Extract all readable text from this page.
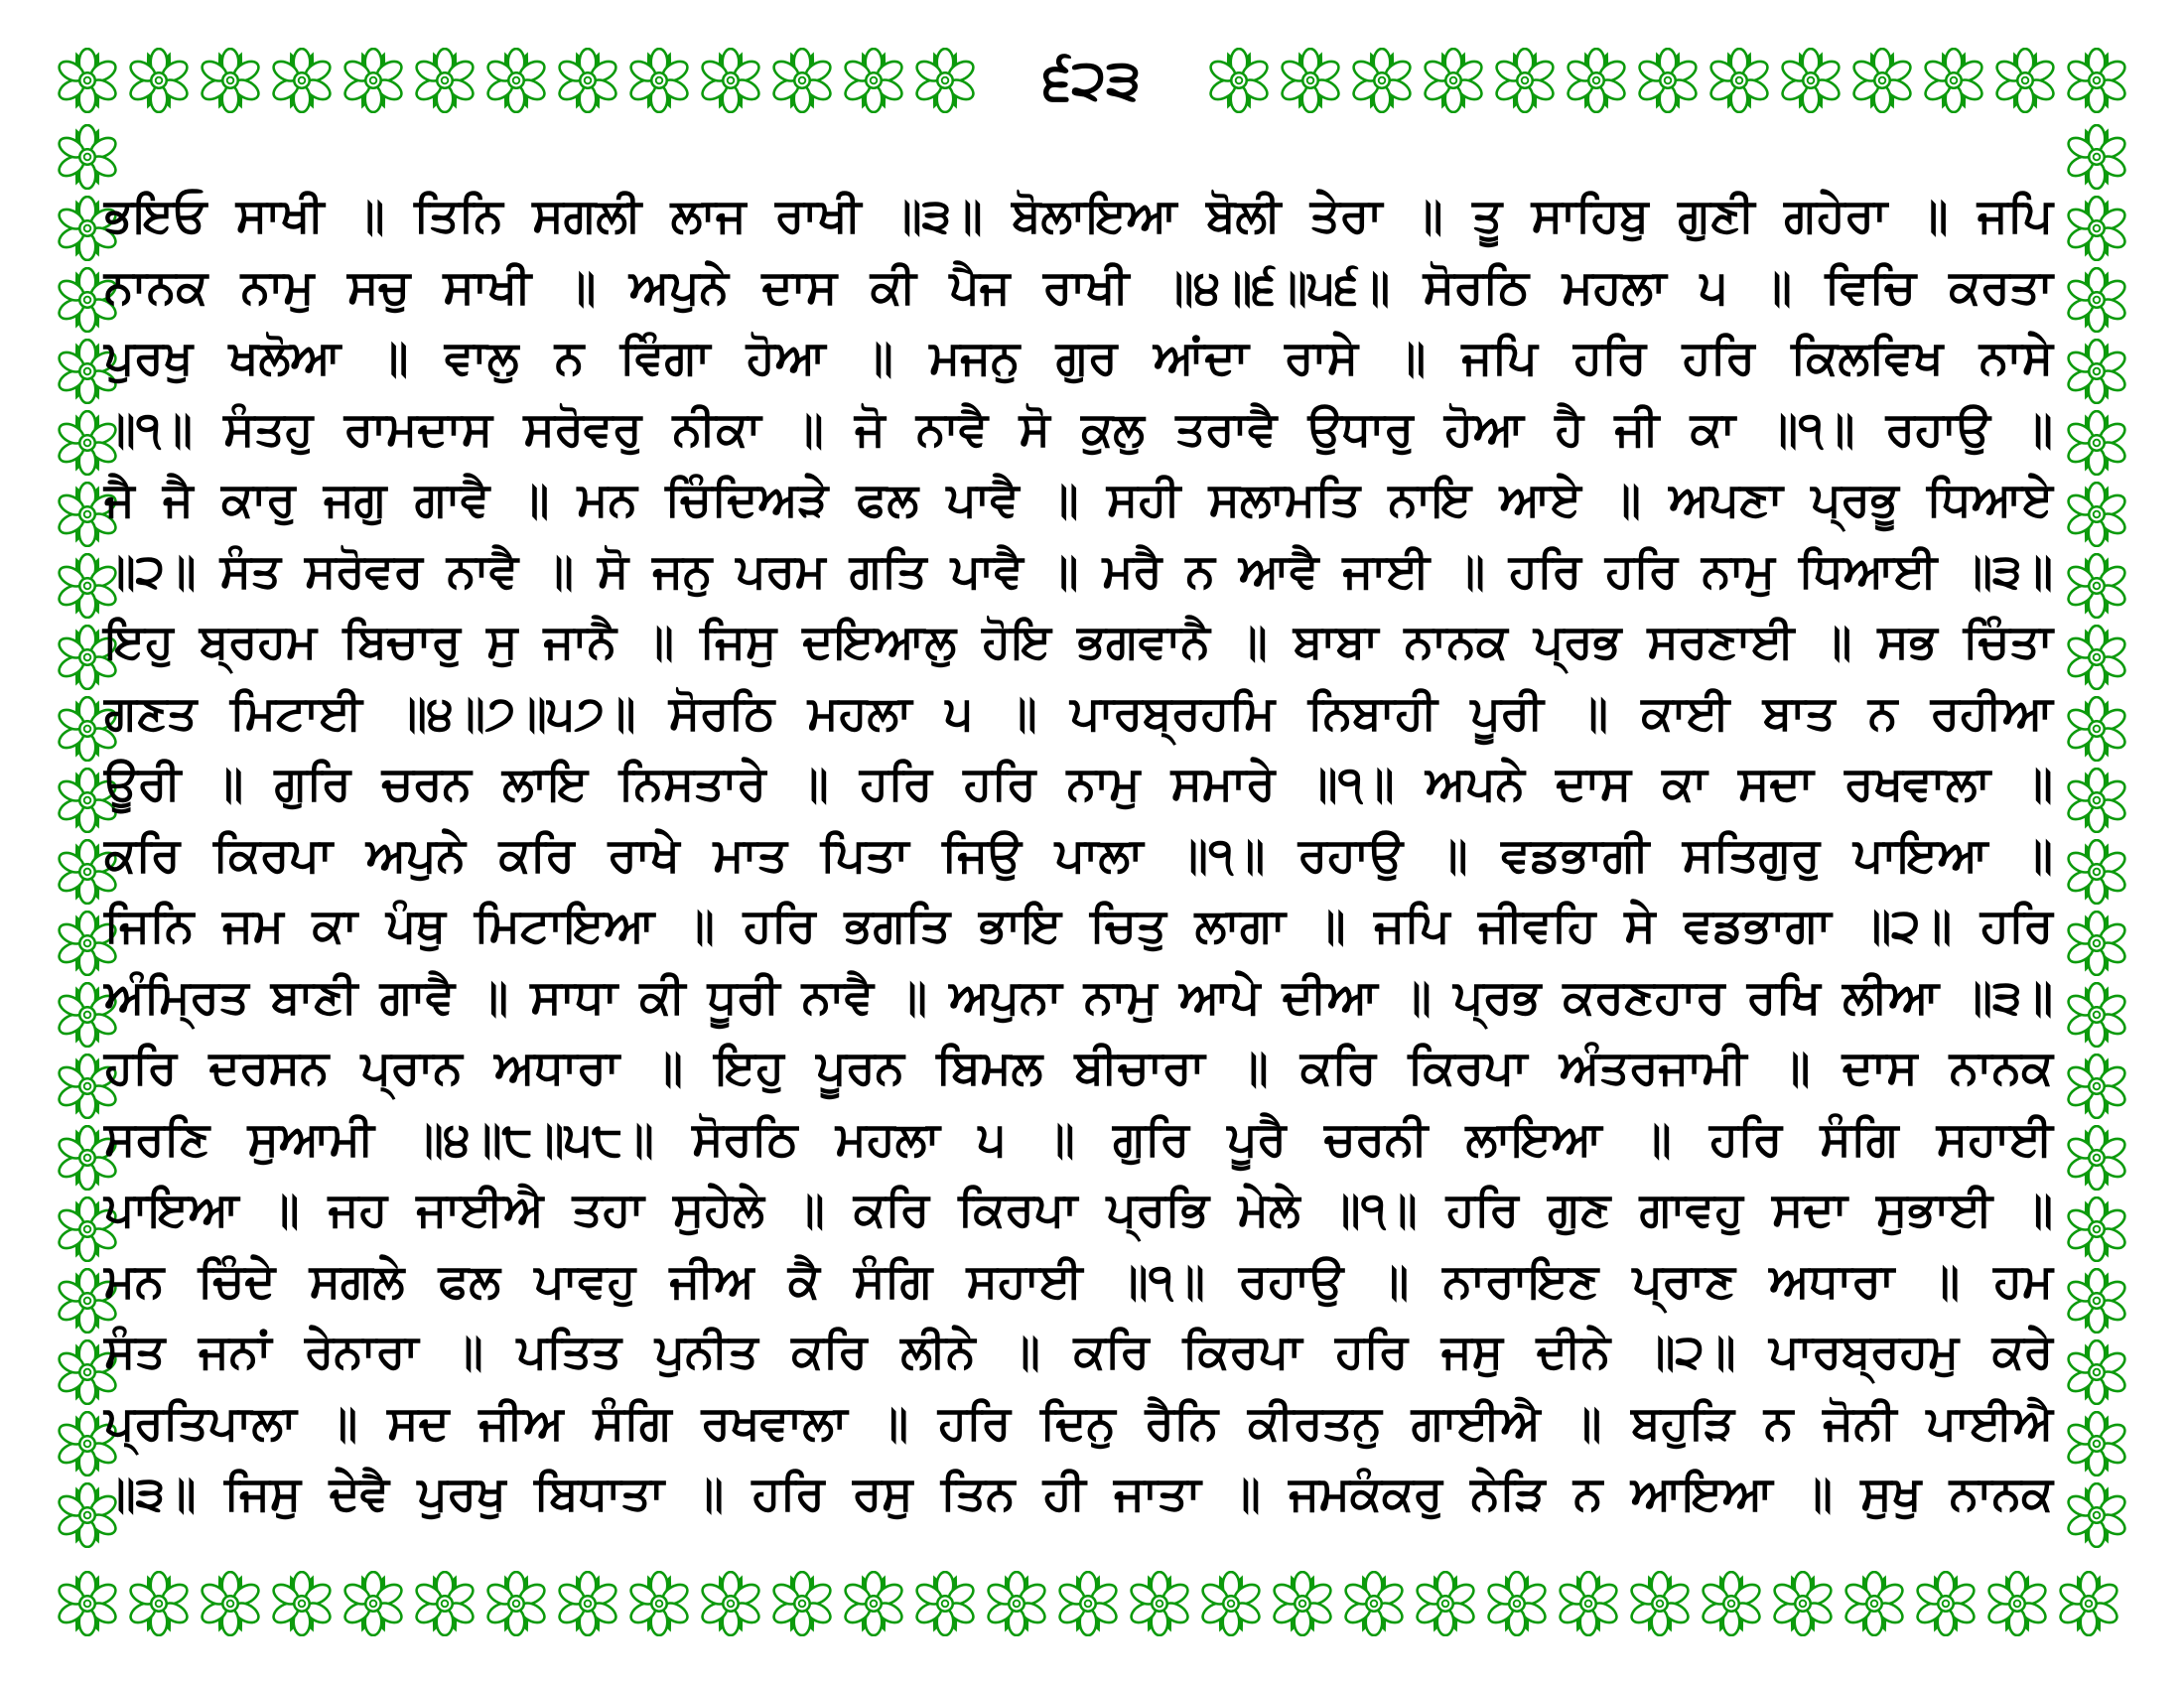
੬੨੩
ਭਇਓ ਸਾਖੀ ॥ ਤਿਨਿ ਸਗਲੀ ਲਾਜ ਰਾਖੀ ॥੩॥ ਬੋਲਾਇਆ ਬੋਲੀ ਤੇਰਾ ॥ ਤੂ ਸਾਹਿਬੁ ਗੁਣੀ ਗਹੇਰਾ ॥ ਜਪਿ
ਨਾਨਕ ਨਾਮੁ ਸਚੁ ਸਾਖੀ ॥ ਅਪੁਨੇ ਦਾਸ ਕੀ ਪੈਜ ਰਾਖੀ ॥੪॥੬॥੫੬॥ ਸੋਰਠਿ ਮਹਲਾ ੫ ॥ ਵਿਚਿ ਕਰਤਾ
ਪੁਰਖੁ ਖਲੋਆ ॥ ਵਾਲੁ ਨ ਵਿੰਗਾ ਹੋਆ ॥ ਮਜਨੁ ਗੁਰ ਆਂਦਾ ਰਾਸੇ ॥ ਜਪਿ ਹਰਿ ਹਰਿ ਕਿਲਵਿਖ ਨਾਸੇ
॥੧॥ ਸੰਤਹੁ ਰਾਮਦਾਸ ਸਰੋਵਰੁ ਨੀਕਾ ॥ ਜੋ ਨਾਵੈ ਸੋ ਕੁਲੁ ਤਰਾਵੈ ਉਧਾਰੁ ਹੋਆ ਹੈ ਜੀ ਕਾ ॥੧॥ ਰਹਾਉ ॥
ਜੈ ਜੈ ਕਾਰੁ ਜਗੁ ਗਾਵੈ ॥ ਮਨ ਚਿੰਦਿਅੜੇ ਫਲ ਪਾਵੈ ॥ ਸਹੀ ਸਲਾਮਤਿ ਨਾਇ ਆਏ ॥ ਅਪਣਾ ਪ੍ਰਭੂ ਧਿਆਏ
॥੨॥ ਸੰਤ ਸਰੋਵਰ ਨਾਵੈ ॥ ਸੋ ਜਨੁ ਪਰਮ ਗਤਿ ਪਾਵੈ ॥ ਮਰੈ ਨ ਆਵੈ ਜਾਈ ॥ ਹਰਿ ਹਰਿ ਨਾਮੁ ਧਿਆਈ ॥੩॥
ਇਹੁ ਬ੍ਰਹਮ ਬਿਚਾਰੁ ਸੁ ਜਾਨੈ ॥ ਜਿਸੁ ਦਇਆਲੁ ਹੋਇ ਭਗਵਾਨੈ ॥ ਬਾਬਾ ਨਾਨਕ ਪ੍ਰਭ ਸਰਣਾਈ ॥ ਸਭ ਚਿੰਤਾ
ਗਣਤ ਮਿਟਾਈ ॥੪॥੭॥੫੭॥ ਸੋਰਠਿ ਮਹਲਾ ੫ ॥ ਪਾਰਬ੍ਰਹਮਿ ਨਿਬਾਹੀ ਪੂਰੀ ॥ ਕਾਈ ਬਾਤ ਨ ਰਹੀਆ
ਊਰੀ ॥ ਗੁਰਿ ਚਰਨ ਲਾਇ ਨਿਸਤਾਰੇ ॥ ਹਰਿ ਹਰਿ ਨਾਮੁ ਸਮਾਰੇ ॥੧॥ ਅਪਨੇ ਦਾਸ ਕਾ ਸਦਾ ਰਖਵਾਲਾ ॥
ਕਰਿ ਕਿਰਪਾ ਅਪੁਨੇ ਕਰਿ ਰਾਖੇ ਮਾਤ ਪਿਤਾ ਜਿਉ ਪਾਲਾ ॥੧॥ ਰਹਾਉ ॥ ਵਡਭਾਗੀ ਸਤਿਗੁਰੁ ਪਾਇਆ ॥
ਜਿਨਿ ਜਮ ਕਾ ਪੰਥੁ ਮਿਟਾਇਆ ॥ ਹਰਿ ਭਗਤਿ ਭਾਇ ਚਿਤੁ ਲਾਗਾ ॥ ਜਪਿ ਜੀਵਹਿ ਸੇ ਵਡਭਾਗਾ ॥੨॥ ਹਰਿ
ਅੰਮ੍ਰਿਤ ਬਾਣੀ ਗਾਵੈ ॥ ਸਾਧਾ ਕੀ ਧੂਰੀ ਨਾਵੈ ॥ ਅਪੁਨਾ ਨਾਮੁ ਆਪੇ ਦੀਆ ॥ ਪ੍ਰਭ ਕਰਣਹਾਰ ਰਖਿ ਲੀਆ ॥੩॥
ਹਰਿ ਦਰਸਨ ਪ੍ਰਾਨ ਅਧਾਰਾ ॥ ਇਹੁ ਪੂਰਨ ਬਿਮਲ ਬੀਚਾਰਾ ॥ ਕਰਿ ਕਿਰਪਾ ਅੰਤਰਜਾਮੀ ॥ ਦਾਸ ਨਾਨਕ
ਸਰਣਿ ਸੁਆਮੀ ॥੪॥੮॥੫੮॥ ਸੋਰਠਿ ਮਹਲਾ ੫ ॥ ਗੁਰਿ ਪੂਰੈ ਚਰਨੀ ਲਾਇਆ ॥ ਹਰਿ ਸੰਗਿ ਸਹਾਈ
ਪਾਇਆ ॥ ਜਹ ਜਾਈਐ ਤਹਾ ਸੁਹੇਲੇ ॥ ਕਰਿ ਕਿਰਪਾ ਪ੍ਰਭਿ ਮੇਲੇ ॥੧॥ ਹਰਿ ਗੁਣ ਗਾਵਹੁ ਸਦਾ ਸੁਭਾਈ ॥
ਮਨ ਚਿੰਦੇ ਸਗਲੇ ਫਲ ਪਾਵਹੁ ਜੀਅ ਕੈ ਸੰਗਿ ਸਹਾਈ ॥੧॥ ਰਹਾਉ ॥ ਨਾਰਾਇਣ ਪ੍ਰਾਣ ਅਧਾਰਾ ॥ ਹਮ
ਸੰਤ ਜਨਾਂ ਰੇਨਾਰਾ ॥ ਪਤਿਤ ਪੁਨੀਤ ਕਰਿ ਲੀਨੇ ॥ ਕਰਿ ਕਿਰਪਾ ਹਰਿ ਜਸੁ ਦੀਨੇ ॥੨॥ ਪਾਰਬ੍ਰਹਮੁ ਕਰੇ
ਪ੍ਰਤਿਪਾਲਾ ॥ ਸਦ ਜੀਅ ਸੰਗਿ ਰਖਵਾਲਾ ॥ ਹਰਿ ਦਿਨੁ ਰੈਨਿ ਕੀਰਤਨੁ ਗਾਈਐ ॥ ਬਹੁੜਿ ਨ ਜੋਨੀ ਪਾਈਐ
॥੩॥ ਜਿਸੁ ਦੇਵੈ ਪੁਰਖੁ ਬਿਧਾਤਾ ॥ ਹਰਿ ਰਸੁ ਤਿਨ ਹੀ ਜਾਤਾ ॥ ਜਮਕੰਕਰੁ ਨੇੜਿ ਨ ਆਇਆ ॥ ਸੁਖੁ ਨਾਨਕ
